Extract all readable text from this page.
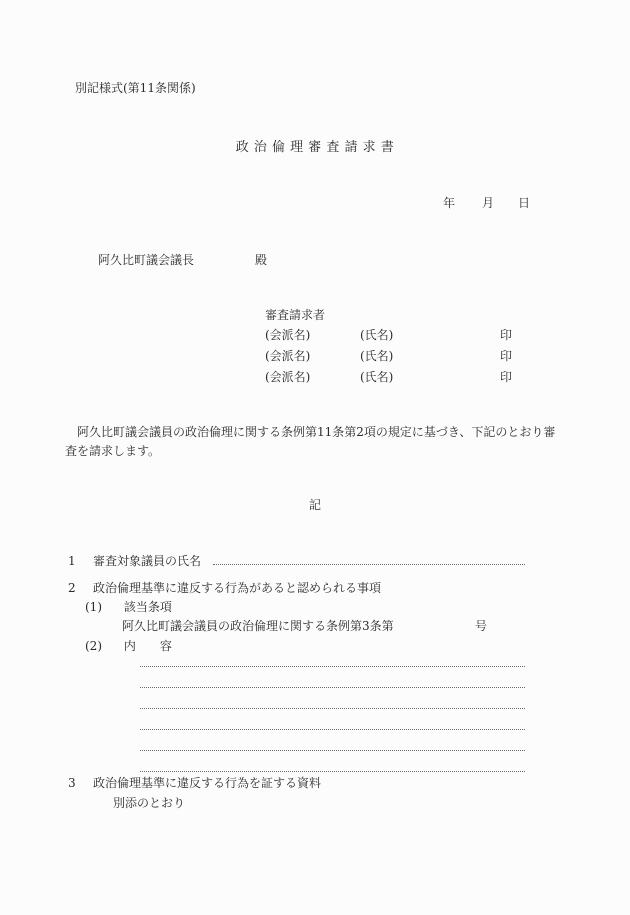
別記様式(第11条関係)
政 治 倫 理 審 査 請 求 書
年 月 日
阿久比町議会議長	殿
審査請求者
(会派名)	(氏名)	印
(会派名)	(氏名)	印
(会派名)	(氏名)	印
阿久比町議会議員の政治倫理に関する条例第11条第2項の規定に基づき、下記のとおり審査を請求します。
記
1	審査対象議員の氏名
2	政治倫理基準に違反する行為があると認められる事項
(1) 該当条項
阿久比町議会議員の政治倫理に関する条例第3条第	号
(2) 内　　容
3	政治倫理基準に違反する行為を証する資料
別添のとおり
